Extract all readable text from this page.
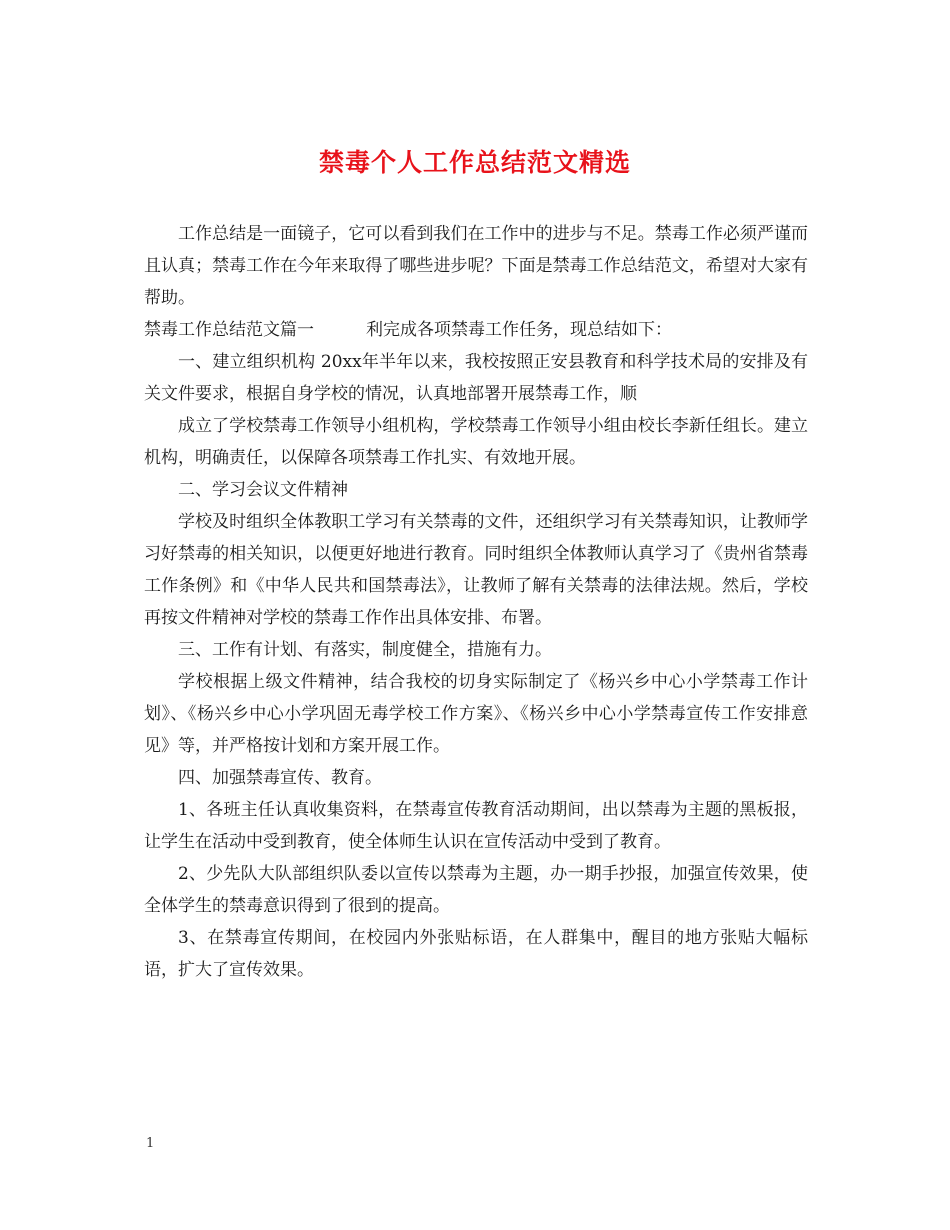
禁毒个人工作总结范文精选

工作总结是一面镜子，它可以看到我们在工作中的进步与不足。禁毒工作必须严谨而且认真；禁毒工作在今年来取得了哪些进步呢？下面是禁毒工作总结范文，希望对大家有帮助。

禁毒工作总结范文篇一	利完成各项禁毒工作任务，现总结如下：

一、建立组织机构 20xx年半年以来，我校按照正安县教育和科学技术局的安排及有关文件要求，根据自身学校的情况，认真地部署开展禁毒工作，顺

成立了学校禁毒工作领导小组机构，学校禁毒工作领导小组由校长李新任组长。建立机构，明确责任，以保障各项禁毒工作扎实、有效地开展。

二、学习会议文件精神

学校及时组织全体教职工学习有关禁毒的文件，还组织学习有关禁毒知识，让教师学习好禁毒的相关知识，以便更好地进行教育。同时组织全体教师认真学习了《贵州省禁毒工作条例》和《中华人民共和国禁毒法》，让教师了解有关禁毒的法律法规。然后，学校再按文件精神对学校的禁毒工作作出具体安排、布署。

三、工作有计划、有落实，制度健全，措施有力。

学校根据上级文件精神，结合我校的切身实际制定了《杨兴乡中心小学禁毒工作计划》、《杨兴乡中心小学巩固无毒学校工作方案》、《杨兴乡中心小学禁毒宣传工作安排意见》等，并严格按计划和方案开展工作。

四、加强禁毒宣传、教育。

1、各班主任认真收集资料，在禁毒宣传教育活动期间，出以禁毒为主题的黑板报，让学生在活动中受到教育，使全体师生认识在宣传活动中受到了教育。

2、少先队大队部组织队委以宣传以禁毒为主题，办一期手抄报，加强宣传效果，使全体学生的禁毒意识得到了很到的提高。

3、在禁毒宣传期间，在校园内外张贴标语，在人群集中，醒目的地方张贴大幅标语，扩大了宣传效果。

1
